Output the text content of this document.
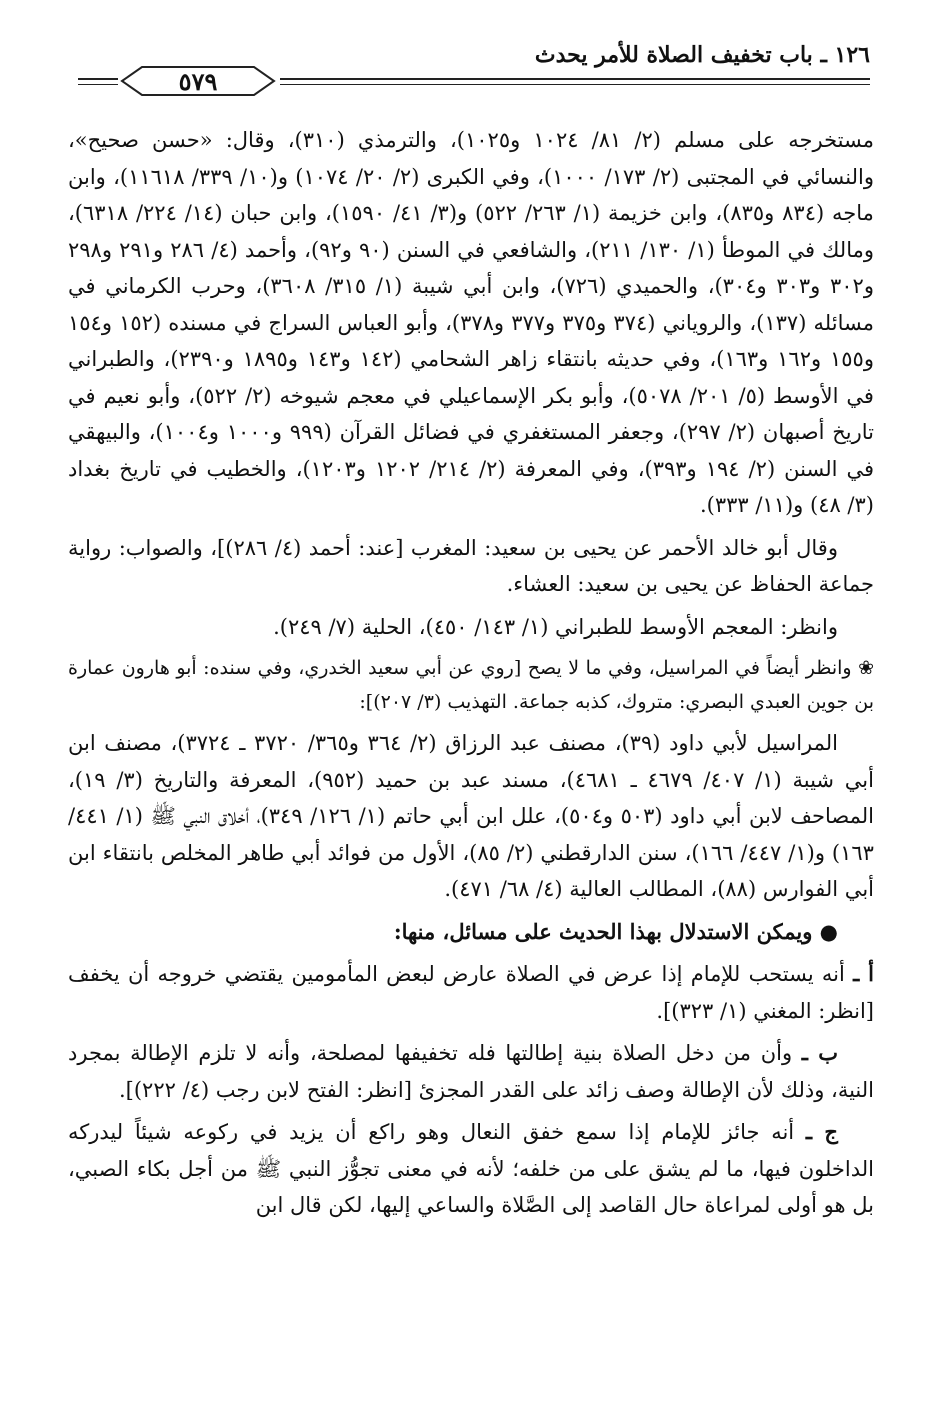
١٢٦ ـ باب تخفيف الصلاة للأمر يحدث
٥٧٩

مستخرجه على مسلم (٢/ ٨١/ ١٠٢٤ و١٠٢٥)، والترمذي (٣١٠)، وقال: «حسن صحيح»، والنسائي في المجتبى (٢/ ١٧٣/ ١٠٠٠)، وفي الكبرى (٢/ ٢٠/ ١٠٧٤) و(١٠/ ٣٣٩/ ١١٦١٨)، وابن ماجه (٨٣٤ و٨٣٥)، وابن خزيمة (١/ ٢٦٣/ ٥٢٢) و(٣/ ٤١/ ١٥٩٠)، وابن حبان (١٤/ ٢٢٤/ ٦٣١٨)، ومالك في الموطأ (١/ ١٣٠/ ٢١١)، والشافعي في السنن (٩٠ و٩٢)، وأحمد (٤/ ٢٨٦ و٢٩١ و٢٩٨ و٣٠٢ و٣٠٣ و٣٠٤)، والحميدي (٧٢٦)، وابن أبي شيبة (١/ ٣١٥/ ٣٦٠٨)، وحرب الكرماني في مسائله (١٣٧)، والروياني (٣٧٤ و٣٧٥ و٣٧٧ و٣٧٨)، وأبو العباس السراج في مسنده (١٥٢ و١٥٤ و١٥٥ و١٦٢ و١٦٣)، وفي حديثه بانتقاء زاهر الشحامي (١٤٢ و١٤٣ و١٨٩٥ و٢٣٩٠)، والطبراني في الأوسط (٥/ ٢٠١/ ٥٠٧٨)، وأبو بكر الإسماعيلي في معجم شيوخه (٢/ ٥٢٢)، وأبو نعيم في تاريخ أصبهان (٢/ ٢٩٧)، وجعفر المستغفري في فضائل القرآن (٩٩٩ و١٠٠٠ و١٠٠٤)، والبيهقي في السنن (٢/ ١٩٤ و٣٩٣)، وفي المعرفة (٢/ ٢١٤/ ١٢٠٢ و١٢٠٣)، والخطيب في تاريخ بغداد (٣/ ٤٨) و(١١/ ٣٣٣).

وقال أبو خالد الأحمر عن يحيى بن سعيد: المغرب [عند: أحمد (٤/ ٢٨٦)]، والصواب: رواية جماعة الحفاظ عن يحيى بن سعيد: العشاء.

وانظر: المعجم الأوسط للطبراني (١/ ١٤٣/ ٤٥٠)، الحلية (٧/ ٢٤٩).

❀ وانظر أيضاً في المراسيل، وفي ما لا يصح [روي عن أبي سعيد الخدري، وفي سنده: أبو هارون عمارة بن جوين العبدي البصري: متروك، كذبه جماعة. التهذيب (٣/ ٢٠٧)]:

المراسيل لأبي داود (٣٩)، مصنف عبد الرزاق (٢/ ٣٦٤ و٣٦٥/ ٣٧٢٠ ـ ٣٧٢٤)، مصنف ابن أبي شيبة (١/ ٤٠٧/ ٤٦٧٩ ـ ٤٦٨١)، مسند عبد بن حميد (٩٥٢)، المعرفة والتاريخ (٣/ ١٩)، المصاحف لابن أبي داود (٥٠٣ و٥٠٤)، علل ابن أبي حاتم (١/ ١٢٦/ ٣٤٩)، أخلاق النبي ﷺ (١/ ٤٤١/ ١٦٣) و(١/ ٤٤٧/ ١٦٦)، سنن الدارقطني (٢/ ٨٥)، الأول من فوائد أبي طاهر المخلص بانتقاء ابن أبي الفوارس (٨٨)، المطالب العالية (٤/ ٦٨/ ٤٧١).

● ويمكن الاستدلال بهذا الحديث على مسائل، منها:

أ ـ أنه يستحب للإمام إذا عرض في الصلاة عارض لبعض المأمومين يقتضي خروجه أن يخفف [انظر: المغني (١/ ٣٢٣)].

ب ـ وأن من دخل الصلاة بنية إطالتها فله تخفيفها لمصلحة، وأنه لا تلزم الإطالة بمجرد النية، وذلك لأن الإطالة وصف زائد على القدر المجزئ [انظر: الفتح لابن رجب (٤/ ٢٢٢)].

ج ـ أنه جائز للإمام إذا سمع خفق النعال وهو راكع أن يزيد في ركوعه شيئاً ليدركه الداخلون فيها، ما لم يشق على من خلفه؛ لأنه في معنى تجوُّز النبي ﷺ من أجل بكاء الصبي، بل هو أولى لمراعاة حال القاصد إلى الصَّلاة والساعي إليها، لكن قال ابن
